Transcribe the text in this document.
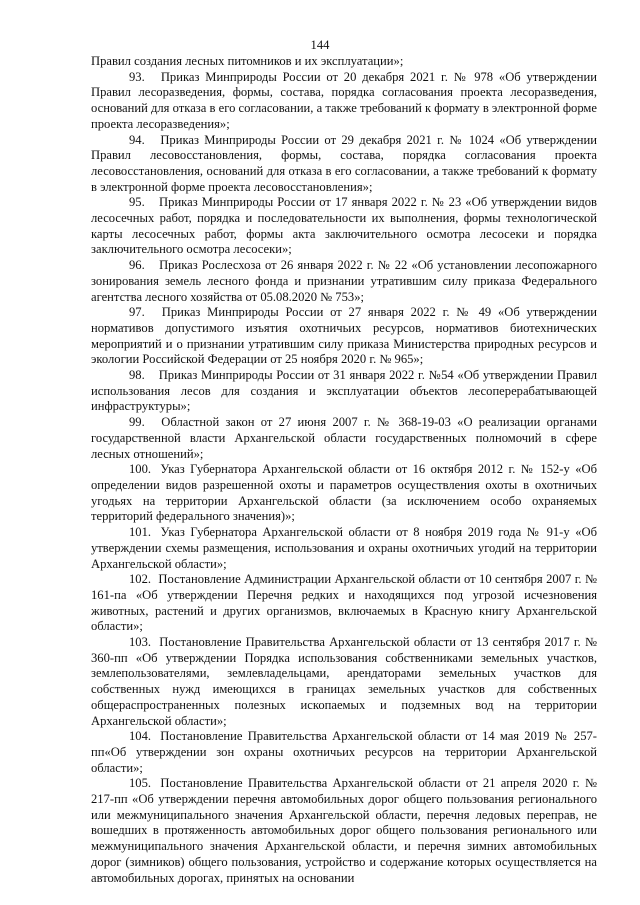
144

Правил создания лесных питомников и их эксплуатации»;

93. Приказ Минприроды России от 20 декабря 2021 г. № 978 «Об утверждении Правил лесоразведения, формы, состава, порядка согласования проекта лесоразведения, оснований для отказа в его согласовании, а также требований к формату в электронной форме проекта лесоразведения»;

94. Приказ Минприроды России от 29 декабря 2021 г. № 1024 «Об утверждении Правил лесовосстановления, формы, состава, порядка согласования проекта лесовосстановления, оснований для отказа в его согласовании, а также требований к формату в электронной форме проекта лесовосстановления»;

95. Приказ Минприроды России от 17 января 2022 г. № 23 «Об утверждении видов лесосечных работ, порядка и последовательности их выполнения, формы технологической карты лесосечных работ, формы акта заключительного осмотра лесосеки и порядка заключительного осмотра лесосеки»;

96. Приказ Рослесхоза от 26 января 2022 г. № 22 «Об установлении лесопожарного зонирования земель лесного фонда и признании утратившим силу приказа Федерального агентства лесного хозяйства от 05.08.2020 № 753»;

97. Приказ Минприроды России от 27 января 2022 г. № 49 «Об утверждении нормативов допустимого изъятия охотничьих ресурсов, нормативов биотехнических мероприятий и о признании утратившим силу приказа Министерства природных ресурсов и экологии Российской Федерации от 25 ноября 2020 г. № 965»;

98. Приказ Минприроды России от 31 января 2022 г. №54 «Об утверждении Правил использования лесов для создания и эксплуатации объектов лесоперерабатывающей инфраструктуры»;

99. Областной закон от 27 июня 2007 г. № 368-19-03 «О реализации органами государственной власти Архангельской области государственных полномочий в сфере лесных отношений»;

100. Указ Губернатора Архангельской области от 16 октября 2012 г. № 152-у «Об определении видов разрешенной охоты и параметров осуществления охоты в охотничьих угодьях на территории Архангельской области (за исключением особо охраняемых территорий федерального значения)»;

101. Указ Губернатора Архангельской области от 8 ноября 2019 года № 91-у «Об утверждении схемы размещения, использования и охраны охотничьих угодий на территории Архангельской области»;

102. Постановление Администрации Архангельской области от 10 сентября 2007 г. № 161-па «Об утверждении Перечня редких и находящихся под угрозой исчезновения животных, растений и других организмов, включаемых в Красную книгу Архангельской области»;

103. Постановление Правительства Архангельской области от 13 сентября 2017 г. № 360-пп «Об утверждении Порядка использования собственниками земельных участков, землепользователями, землевладельцами, арендаторами земельных участков для собственных нужд имеющихся в границах земельных участков для собственных общераспространенных полезных ископаемых и подземных вод на территории Архангельской области»;

104. Постановление Правительства Архангельской области от 14 мая 2019 № 257-пп«Об утверждении зон охраны охотничьих ресурсов на территории Архангельской области»;

105. Постановление Правительства Архангельской области от 21 апреля 2020 г. № 217-пп «Об утверждении перечня автомобильных дорог общего пользования регионального или межмуниципального значения Архангельской области, перечня ледовых переправ, не вошедших в протяженность автомобильных дорог общего пользования регионального или межмуниципального значения Архангельской области, и перечня зимних автомобильных дорог (зимников) общего пользования, устройство и содержание которых осуществляется на автомобильных дорогах, принятых на основании
